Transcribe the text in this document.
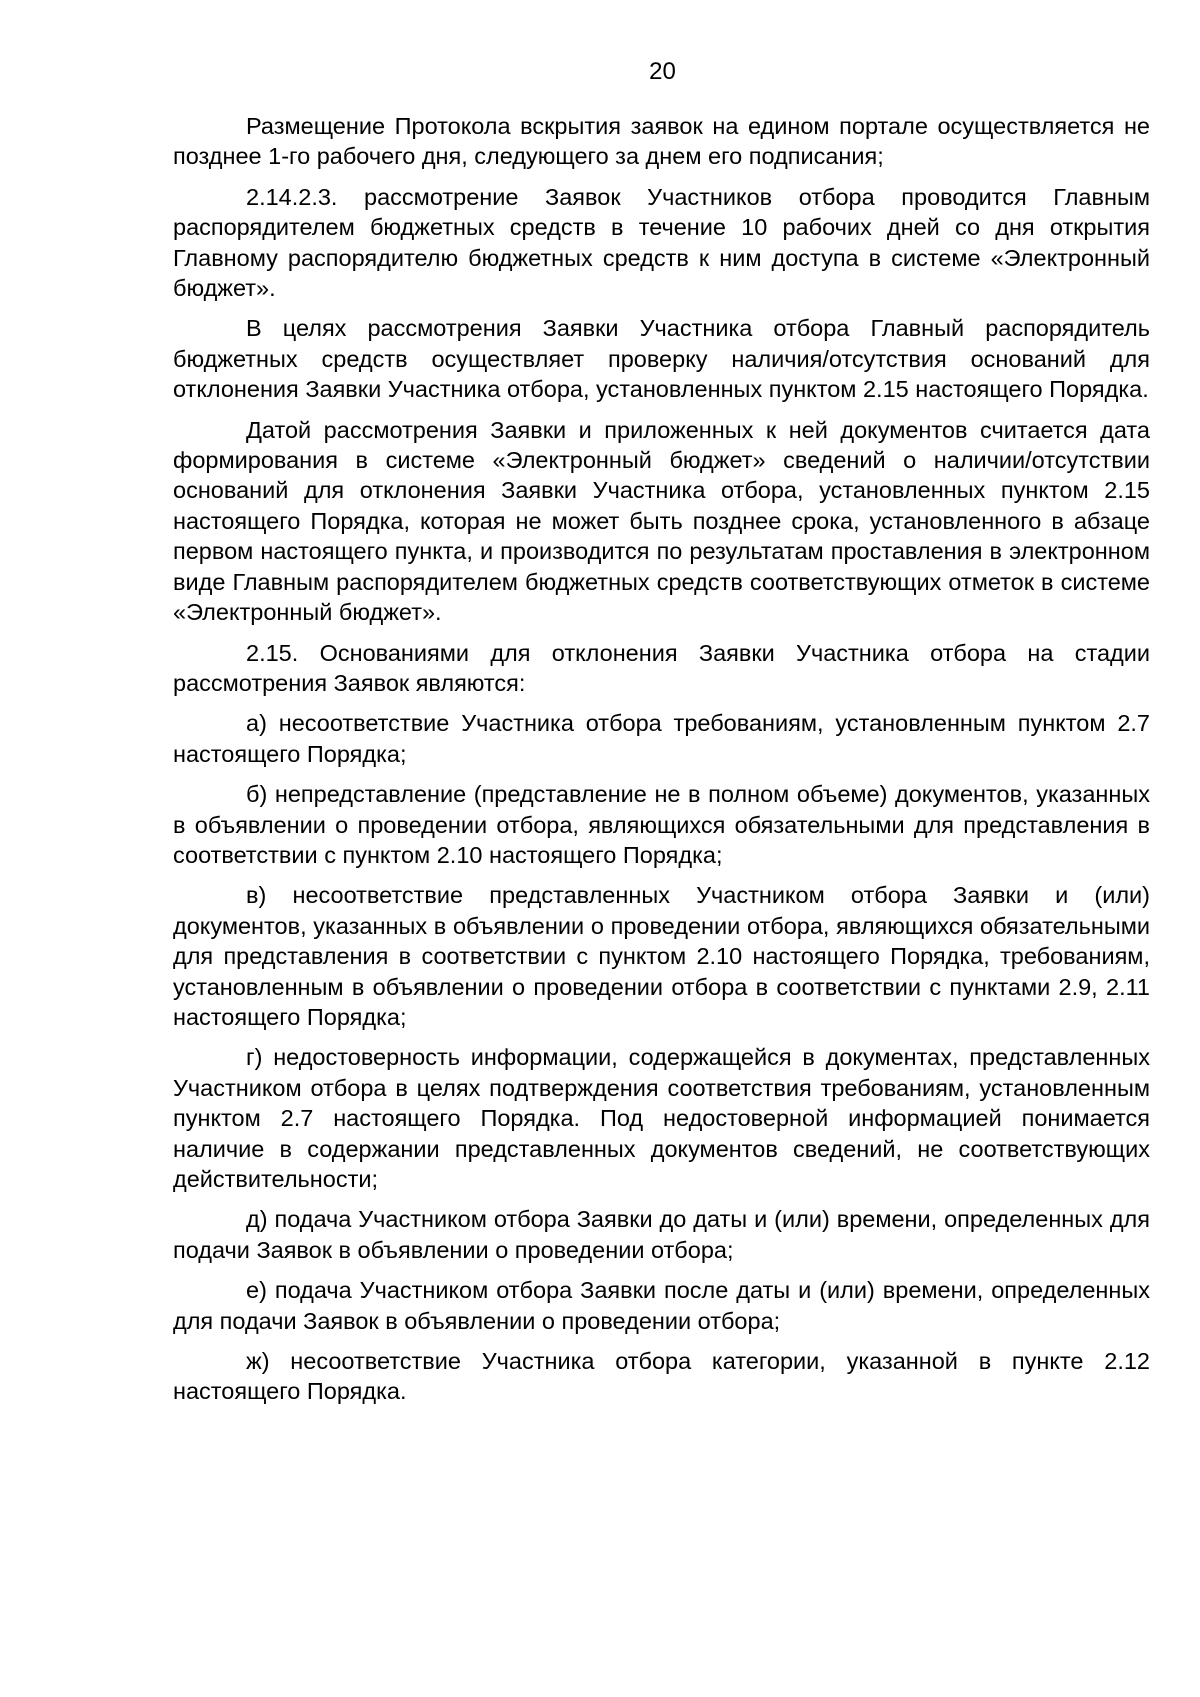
20

Размещение Протокола вскрытия заявок на едином портале осуществляется не позднее 1-го рабочего дня, следующего за днем его подписания;

2.14.2.3. рассмотрение Заявок Участников отбора проводится Главным распорядителем бюджетных средств в течение 10 рабочих дней со дня открытия Главному распорядителю бюджетных средств к ним доступа в системе «Электронный бюджет».

В целях рассмотрения Заявки Участника отбора Главный распорядитель бюджетных средств осуществляет проверку наличия/отсутствия оснований для отклонения Заявки Участника отбора, установленных пунктом 2.15 настоящего Порядка.

Датой рассмотрения Заявки и приложенных к ней документов считается дата формирования в системе «Электронный бюджет» сведений о наличии/отсутствии оснований для отклонения Заявки Участника отбора, установленных пунктом 2.15 настоящего Порядка, которая не может быть позднее срока, установленного в абзаце первом настоящего пункта, и производится по результатам проставления в электронном виде Главным распорядителем бюджетных средств соответствующих отметок в системе «Электронный бюджет».

2.15. Основаниями для отклонения Заявки Участника отбора на стадии рассмотрения Заявок являются:

а) несоответствие Участника отбора требованиям, установленным пунктом 2.7 настоящего Порядка;

б) непредставление (представление не в полном объеме) документов, указанных в объявлении о проведении отбора, являющихся обязательными для представления в соответствии с пунктом 2.10 настоящего Порядка;

в) несоответствие представленных Участником отбора Заявки и (или) документов, указанных в объявлении о проведении отбора, являющихся обязательными для представления в соответствии с пунктом 2.10 настоящего Порядка, требованиям, установленным в объявлении о проведении отбора в соответствии с пунктами 2.9, 2.11 настоящего Порядка;

г) недостоверность информации, содержащейся в документах, представленных Участником отбора в целях подтверждения соответствия требованиям, установленным пунктом 2.7 настоящего Порядка. Под недостоверной информацией понимается наличие в содержании представленных документов сведений, не соответствующих действительности;

д) подача Участником отбора Заявки до даты и (или) времени, определенных для подачи Заявок в объявлении о проведении отбора;

е) подача Участником отбора Заявки после даты и (или) времени, определенных для подачи Заявок в объявлении о проведении отбора;

ж) несоответствие Участника отбора категории, указанной в пункте 2.12 настоящего Порядка.
